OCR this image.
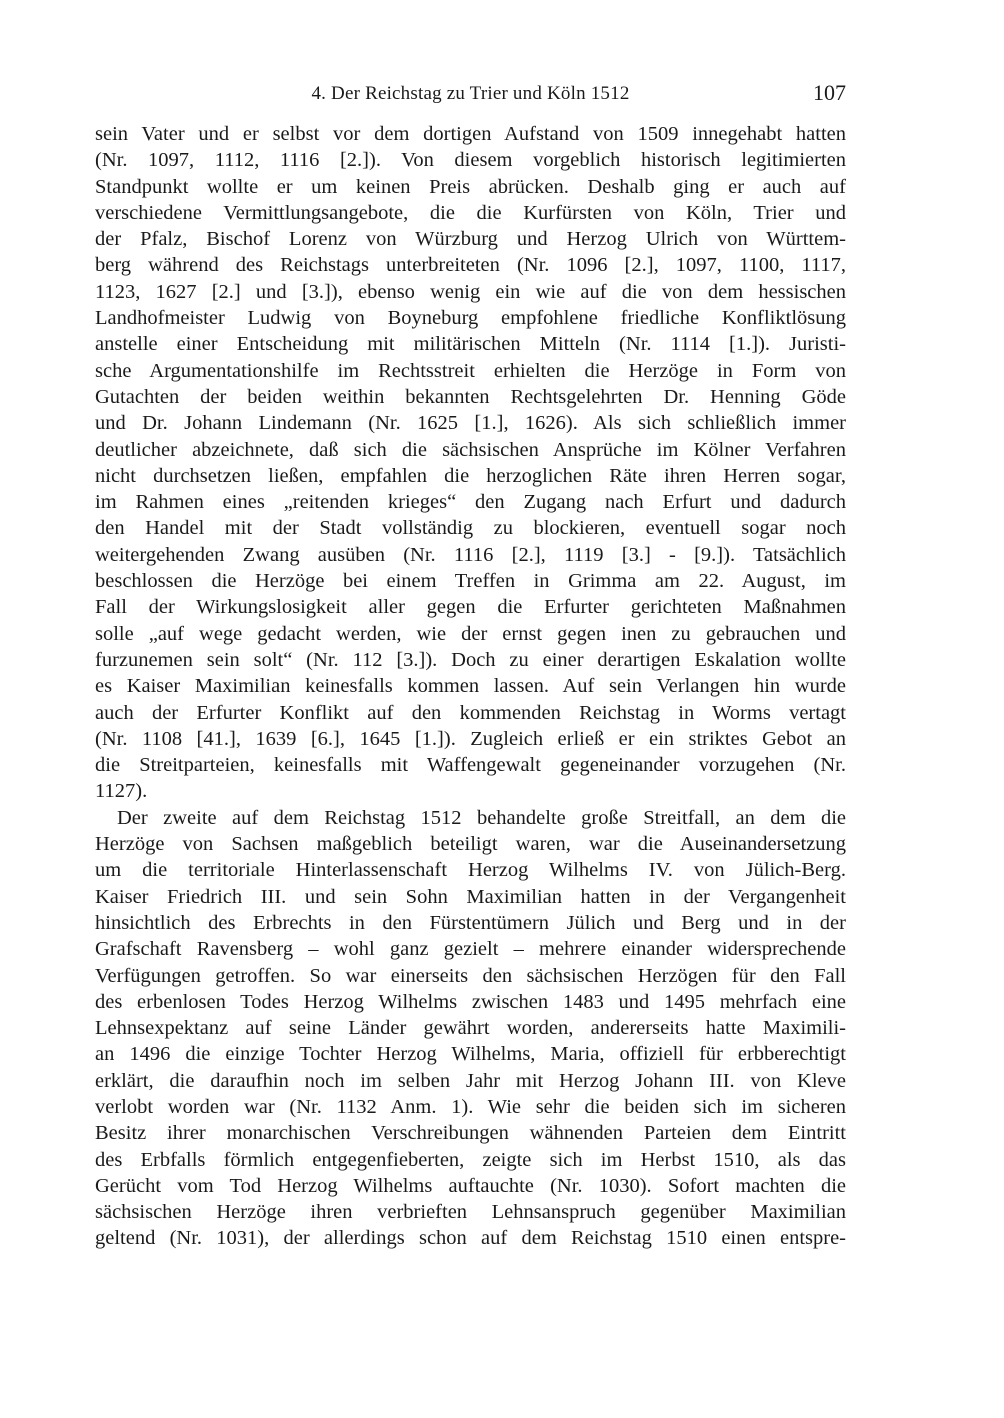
4. Der Reichstag zu Trier und Köln 1512	107

sein Vater und er selbst vor dem dortigen Aufstand von 1509 innegehabt hatten

(Nr. 1097, 1112, 1116 [2.]). Von diesem vorgeblich historisch legitimierten

Standpunkt wollte er um keinen Preis abrücken. Deshalb ging er auch auf

verschiedene Vermittlungsangebote, die die Kurfürsten von Köln, Trier und

der Pfalz, Bischof Lorenz von Würzburg und Herzog Ulrich von Württem-

berg während des Reichstags unterbreiteten (Nr. 1096 [2.], 1097, 1100, 1117,

1123, 1627 [2.] und [3.]), ebenso wenig ein wie auf die von dem hessischen

Landhofmeister Ludwig von Boyneburg empfohlene friedliche Konfliktlösung

anstelle einer Entscheidung mit militärischen Mitteln (Nr. 1114 [1.]). Juristi-

sche Argumentationshilfe im Rechtsstreit erhielten die Herzöge in Form von

Gutachten der beiden weithin bekannten Rechtsgelehrten Dr. Henning Göde

und Dr. Johann Lindemann (Nr. 1625 [1.], 1626). Als sich schließlich immer

deutlicher abzeichnete, daß sich die sächsischen Ansprüche im Kölner Verfahren

nicht durchsetzen ließen, empfahlen die herzoglichen Räte ihren Herren sogar,

im Rahmen eines „reitenden krieges“ den Zugang nach Erfurt und dadurch

den Handel mit der Stadt vollständig zu blockieren, eventuell sogar noch

weitergehenden Zwang ausüben (Nr. 1116 [2.], 1119 [3.] - [9.]). Tatsächlich

beschlossen die Herzöge bei einem Treffen in Grimma am 22. August, im

Fall der Wirkungslosigkeit aller gegen die Erfurter gerichteten Maßnahmen

solle „auf wege gedacht werden, wie der ernst gegen inen zu gebrauchen und

furzunemen sein solt“ (Nr. 112 [3.]). Doch zu einer derartigen Eskalation wollte

es Kaiser Maximilian keinesfalls kommen lassen. Auf sein Verlangen hin wurde

auch der Erfurter Konflikt auf den kommenden Reichstag in Worms vertagt

(Nr. 1108 [41.], 1639 [6.], 1645 [1.]). Zugleich erließ er ein striktes Gebot an

die Streitparteien, keinesfalls mit Waffengewalt gegeneinander vorzugehen (Nr.

1127).

Der zweite auf dem Reichstag 1512 behandelte große Streitfall, an dem die

Herzöge von Sachsen maßgeblich beteiligt waren, war die Auseinandersetzung

um die territoriale Hinterlassenschaft Herzog Wilhelms IV. von Jülich-Berg.

Kaiser Friedrich III. und sein Sohn Maximilian hatten in der Vergangenheit

hinsichtlich des Erbrechts in den Fürstentümern Jülich und Berg und in der

Grafschaft Ravensberg – wohl ganz gezielt – mehrere einander widersprechende

Verfügungen getroffen. So war einerseits den sächsischen Herzögen für den Fall

des erbenlosen Todes Herzog Wilhelms zwischen 1483 und 1495 mehrfach eine

Lehnsexpektanz auf seine Länder gewährt worden, andererseits hatte Maximili-

an 1496 die einzige Tochter Herzog Wilhelms, Maria, offiziell für erbberechtigt

erklärt, die daraufhin noch im selben Jahr mit Herzog Johann III. von Kleve

verlobt worden war (Nr. 1132 Anm. 1). Wie sehr die beiden sich im sicheren

Besitz ihrer monarchischen Verschreibungen wähnenden Parteien dem Eintritt

des Erbfalls förmlich entgegenfieberten, zeigte sich im Herbst 1510, als das

Gerücht vom Tod Herzog Wilhelms auftauchte (Nr. 1030). Sofort machten die

sächsischen Herzöge ihren verbrieften Lehnsanspruch gegenüber Maximilian

geltend (Nr. 1031), der allerdings schon auf dem Reichstag 1510 einen entspre-
